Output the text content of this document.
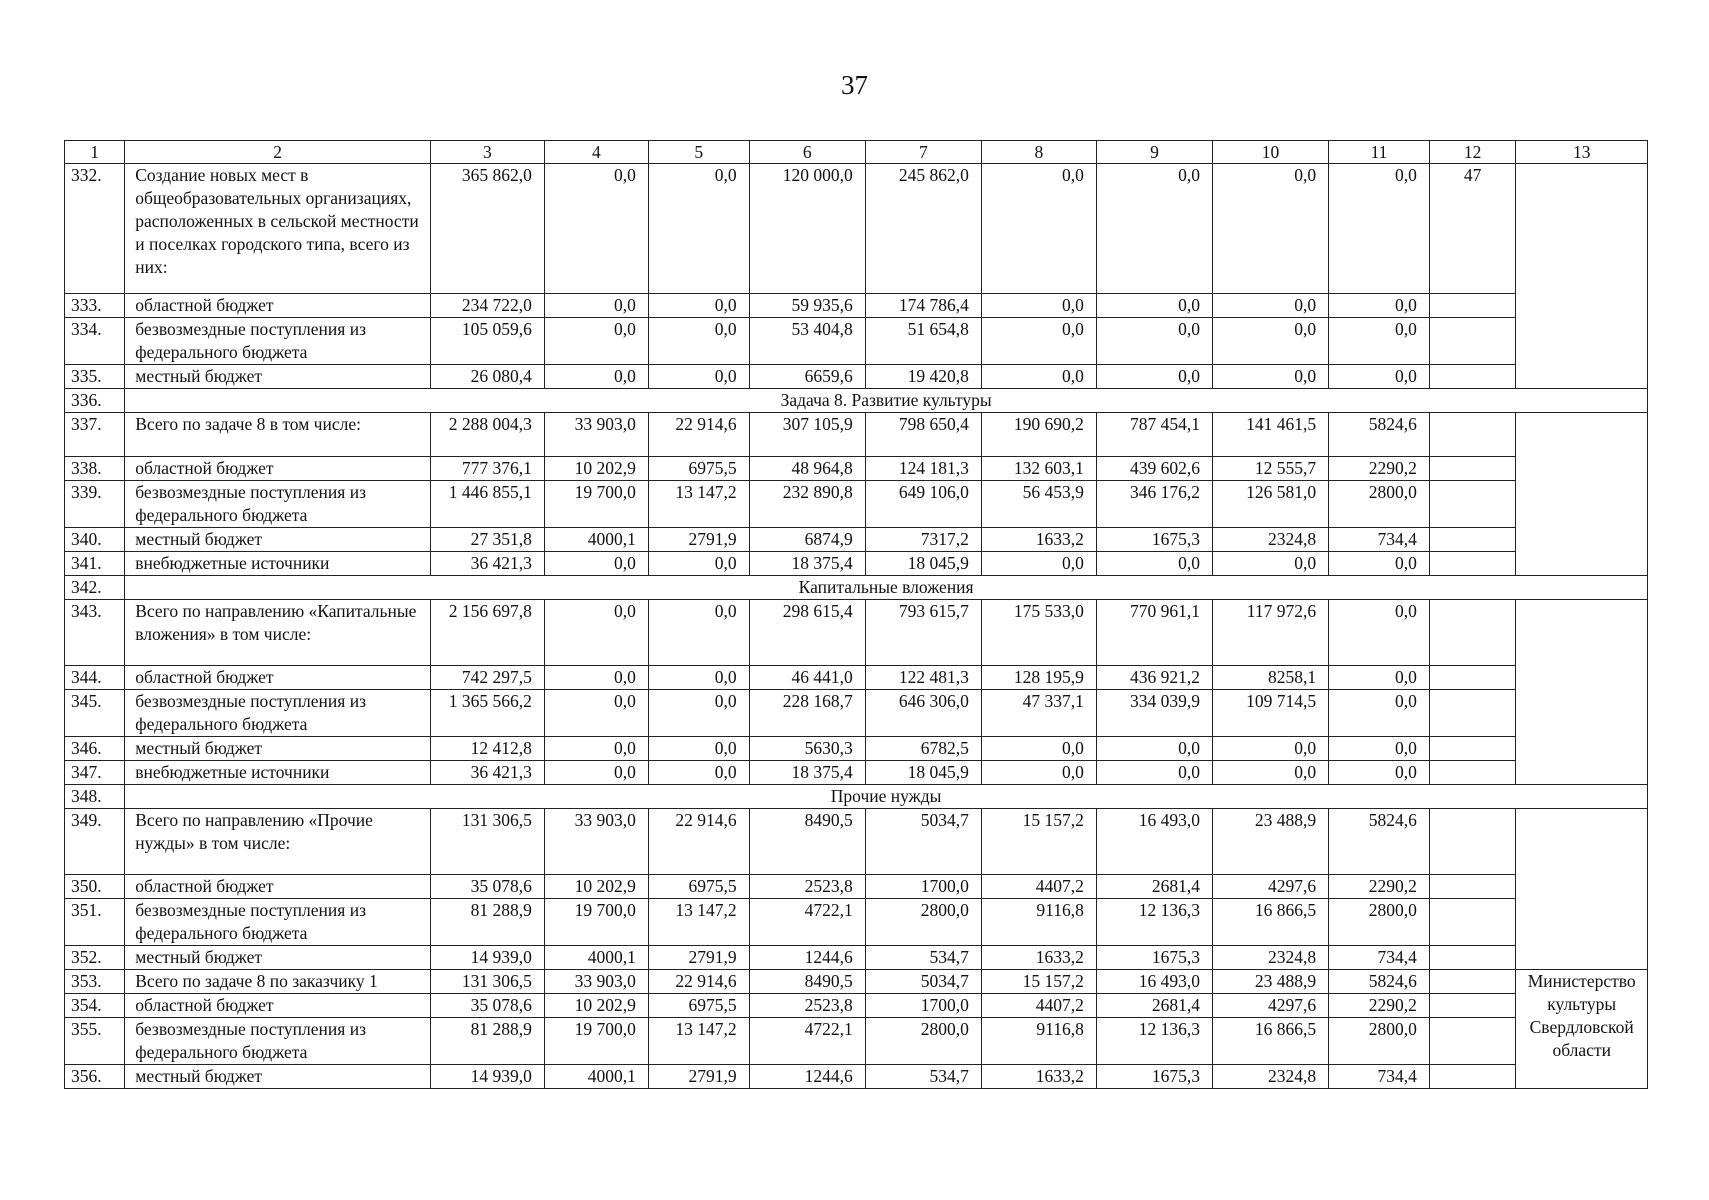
37
1	2	3	4	5	6	7	8	9	10	11	12	13
332.	Создание новых мест в общеобразовательных организациях, расположенных в сельской местности и поселках городского типа, всего из них:	365 862,0	0,0	0,0	120 000,0	245 862,0	0,0	0,0	0,0	0,0	47	
333.	областной бюджет	234 722,0	0,0	0,0	59 935,6	174 786,4	0,0	0,0	0,0	0,0		
334.	безвозмездные поступления из федерального бюджета	105 059,6	0,0	0,0	53 404,8	51 654,8	0,0	0,0	0,0	0,0		
335.	местный бюджет	26 080,4	0,0	0,0	6659,6	19 420,8	0,0	0,0	0,0	0,0		
336.	Задача 8. Развитие культуры											
337.	Всего по задаче 8 в том числе:	2 288 004,3	33 903,0	22 914,6	307 105,9	798 650,4	190 690,2	787 454,1	141 461,5	5824,6		
338.	областной бюджет	777 376,1	10 202,9	6975,5	48 964,8	124 181,3	132 603,1	439 602,6	12 555,7	2290,2		
339.	безвозмездные поступления из федерального бюджета	1 446 855,1	19 700,0	13 147,2	232 890,8	649 106,0	56 453,9	346 176,2	126 581,0	2800,0		
340.	местный бюджет	27 351,8	4000,1	2791,9	6874,9	7317,2	1633,2	1675,3	2324,8	734,4		
341.	внебюджетные источники	36 421,3	0,0	0,0	18 375,4	18 045,9	0,0	0,0	0,0	0,0		
342.	Капитальные вложения											
343.	Всего по направлению «Капитальные вложения» в том числе:	2 156 697,8	0,0	0,0	298 615,4	793 615,7	175 533,0	770 961,1	117 972,6	0,0		
344.	областной бюджет	742 297,5	0,0	0,0	46 441,0	122 481,3	128 195,9	436 921,2	8258,1	0,0		
345.	безвозмездные поступления из федерального бюджета	1 365 566,2	0,0	0,0	228 168,7	646 306,0	47 337,1	334 039,9	109 714,5	0,0		
346.	местный бюджет	12 412,8	0,0	0,0	5630,3	6782,5	0,0	0,0	0,0	0,0		
347.	внебюджетные источники	36 421,3	0,0	0,0	18 375,4	18 045,9	0,0	0,0	0,0	0,0		
348.	Прочие нужды											
349.	Всего по направлению «Прочие нужды» в том числе:	131 306,5	33 903,0	22 914,6	8490,5	5034,7	15 157,2	16 493,0	23 488,9	5824,6		
350.	областной бюджет	35 078,6	10 202,9	6975,5	2523,8	1700,0	4407,2	2681,4	4297,6	2290,2		
351.	безвозмездные поступления из федерального бюджета	81 288,9	19 700,0	13 147,2	4722,1	2800,0	9116,8	12 136,3	16 866,5	2800,0		
352.	местный бюджет	14 939,0	4000,1	2791,9	1244,6	534,7	1633,2	1675,3	2324,8	734,4		
353.	Всего по задаче 8 по заказчику 1	131 306,5	33 903,0	22 914,6	8490,5	5034,7	15 157,2	16 493,0	23 488,9	5824,6		Министерство культуры Свердловской области
354.	областной бюджет	35 078,6	10 202,9	6975,5	2523,8	1700,0	4407,2	2681,4	4297,6	2290,2		
355.	безвозмездные поступления из федерального бюджета	81 288,9	19 700,0	13 147,2	4722,1	2800,0	9116,8	12 136,3	16 866,5	2800,0		
356.	местный бюджет	14 939,0	4000,1	2791,9	1244,6	534,7	1633,2	1675,3	2324,8	734,4		
